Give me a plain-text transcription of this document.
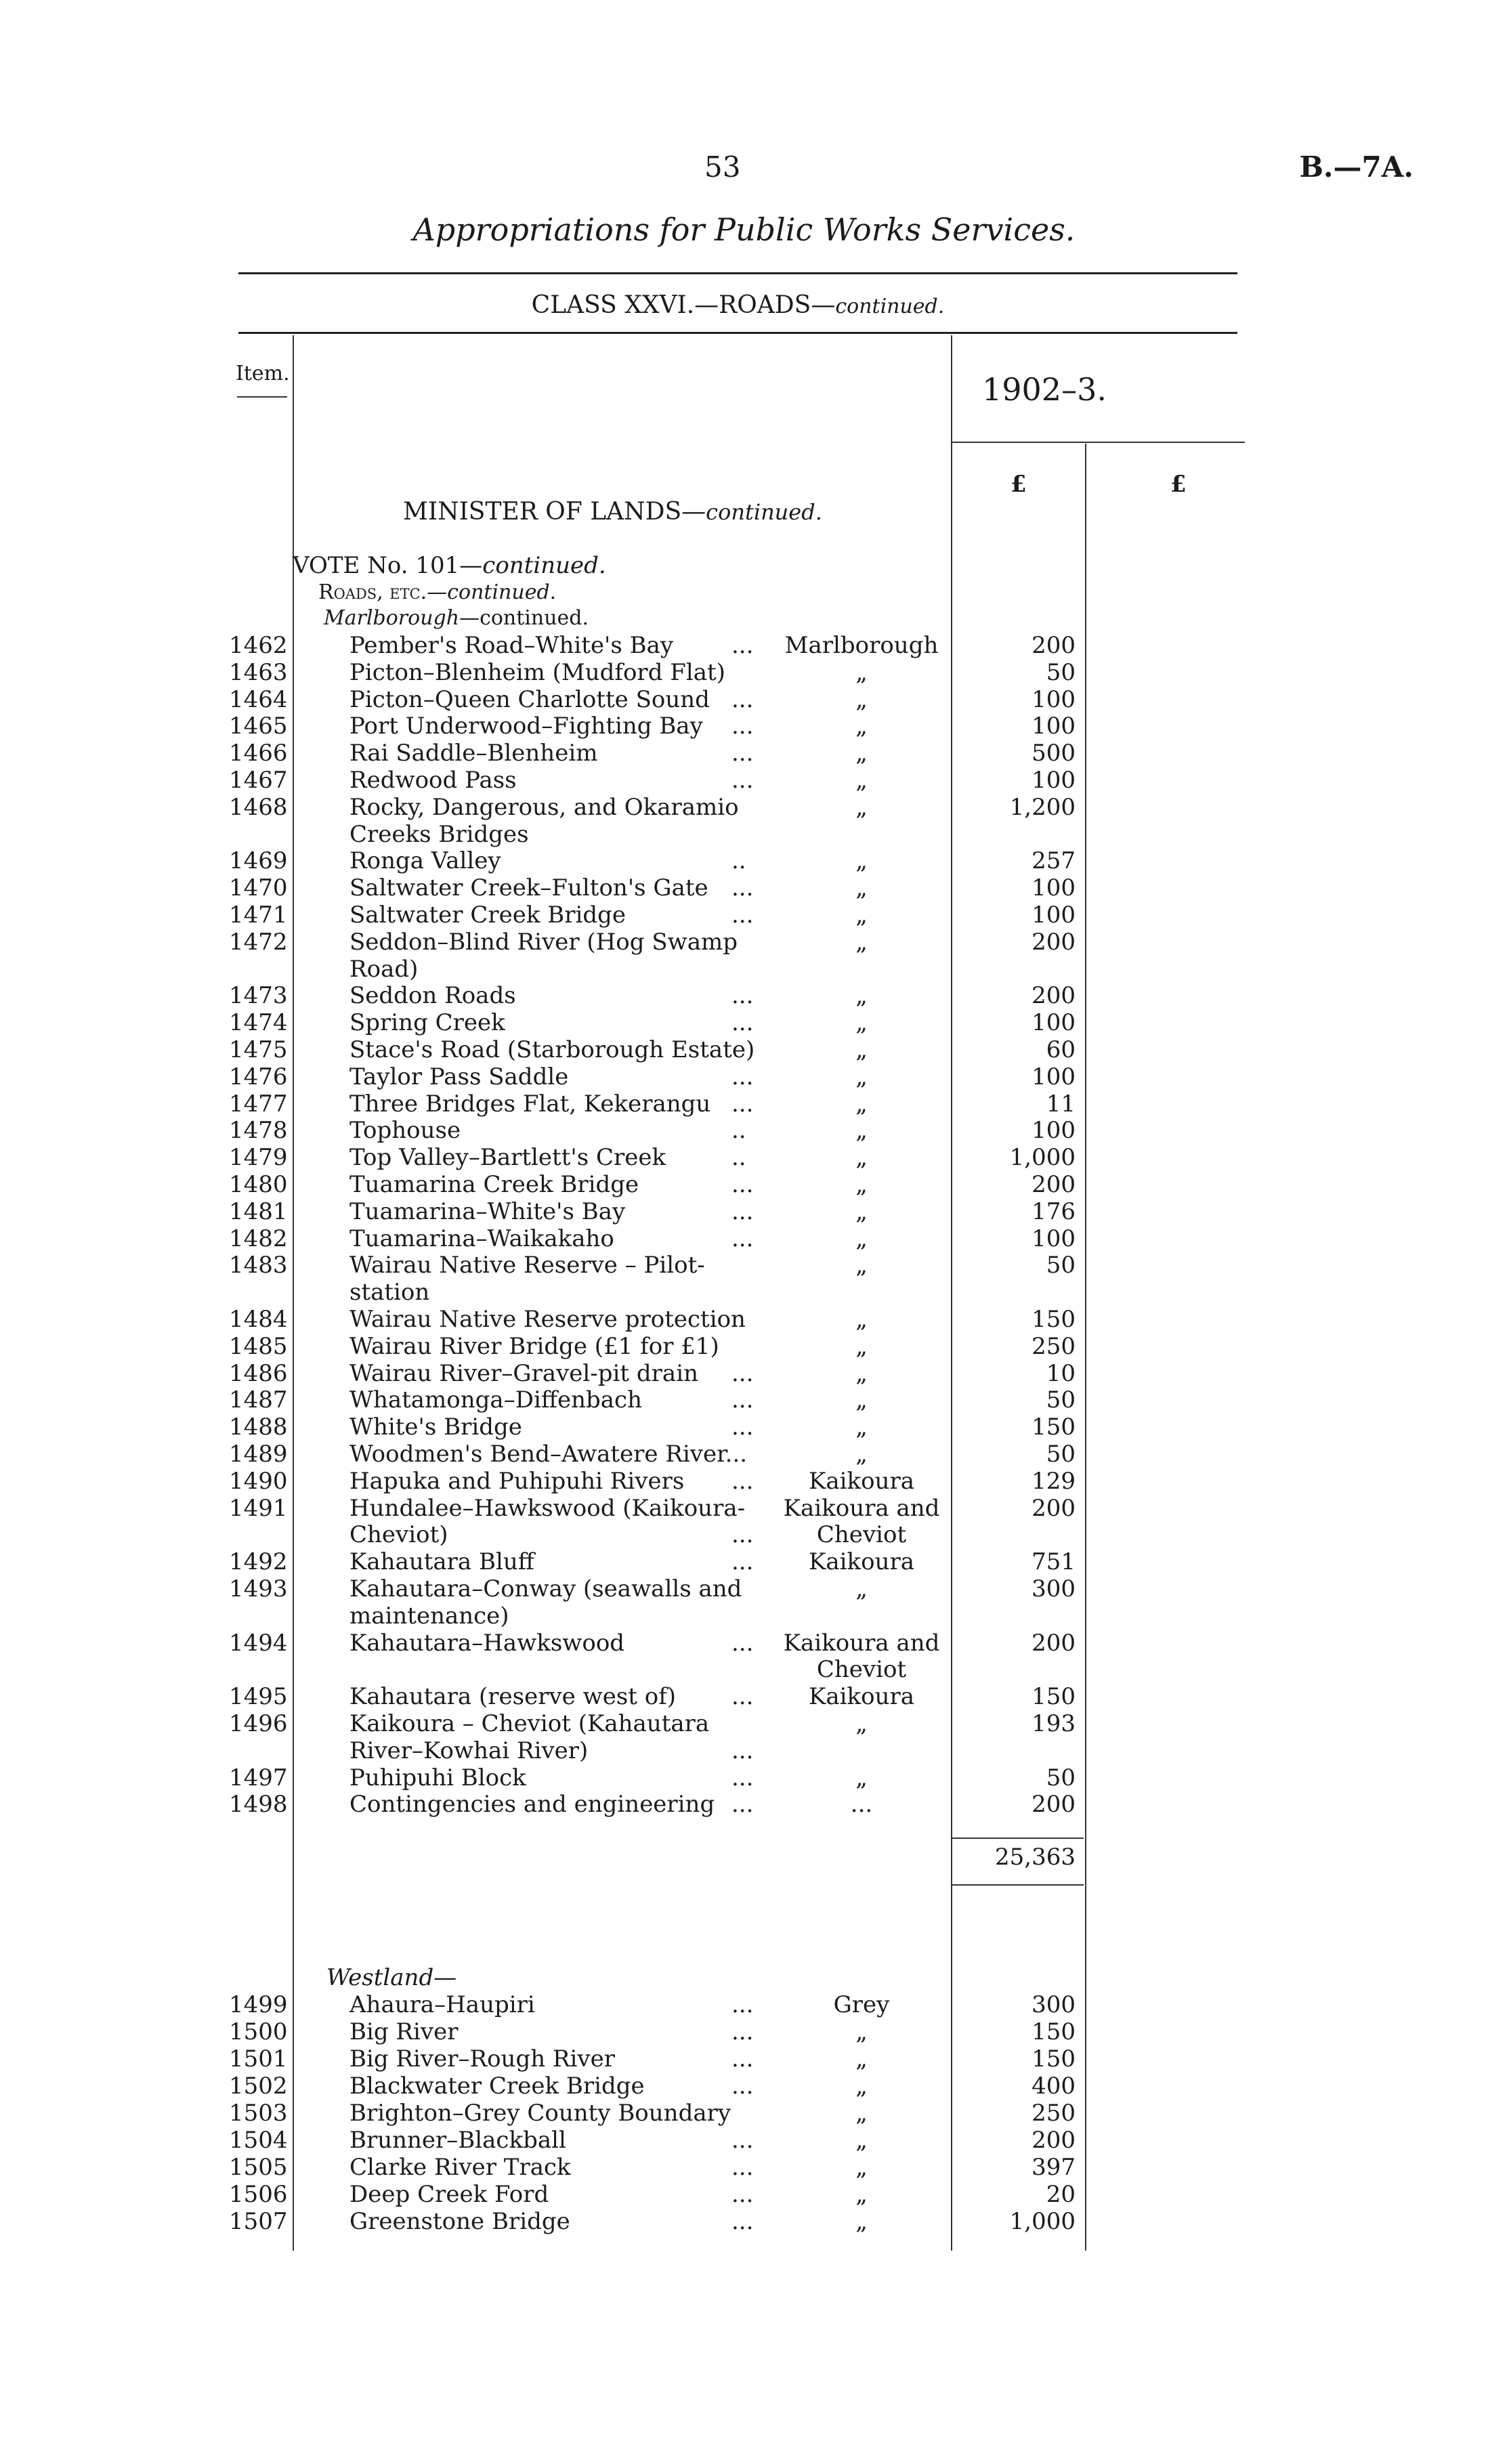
53	B.—7A.
Appropriations for Public Works Services.
CLASS XXVI.—ROADS—continued.
Item.	1902–3.
£	£
MINISTER OF LANDS—continued.
VOTE No. 101—continued.
Roads, etc.—continued.
Marlborough—continued.
1462	Pember's Road–White's Bay	...	Marlborough	200
1463	Picton–Blenheim (Mudford Flat)	„	50
1464	Picton–Queen Charlotte Sound ...	„	100
1465	Port Underwood–Fighting Bay ...	„	100
1466	Rai Saddle–Blenheim	...	„	500
1467	Redwood Pass	...	„	100
1468	Rocky, Dangerous, and Okaramio	„	1,200
Creeks Bridges
1469	Ronga Valley	..	„	257
1470	Saltwater Creek–Fulton's Gate ...	„	100
1471	Saltwater Creek Bridge	...	„	100
1472	Seddon–Blind River (Hog Swamp	„	200
Road)
1473	Seddon Roads	...	„	200
1474	Spring Creek	...	„	100
1475	Stace's Road (Starborough Estate)	„	60
1476	Taylor Pass Saddle	...	„	100
1477	Three Bridges Flat, Kekerangu ...	„	11
1478	Tophouse	..	„	100
1479	Top Valley–Bartlett's Creek	..	„	1,000
1480	Tuamarina Creek Bridge	...	„	200
1481	Tuamarina–White's Bay	...	„	176
1482	Tuamarina–Waikakaho	...	„	100
1483	Wairau Native Reserve – Pilot-	„	50
station
1484	Wairau Native Reserve protection	„	150
1485	Wairau River Bridge (£1 for £1)	„	250
1486	Wairau River–Gravel-pit drain ...	„	10
1487	Whatamonga–Diffenbach	...	„	50
1488	White's Bridge	...	„	150
1489	Woodmen's Bend–Awatere River...	„	50
1490	Hapuka and Puhipuhi Rivers ...	Kaikoura	129
1491	Hundalee–Hawkswood (Kaikoura-	Kaikoura and	200
Cheviot)	...	Cheviot
1492	Kahautara Bluff	...	Kaikoura	751
1493	Kahautara–Conway (seawalls and	„	300
maintenance)
1494	Kahautara–Hawkswood	...	Kaikoura and	200
Cheviot
1495	Kahautara (reserve west of) ...	Kaikoura	150
1496	Kaikoura – Cheviot (Kahautara	„	193
River–Kowhai River)	...
1497	Puhipuhi Block	...	„	50
1498	Contingencies and engineering ...	...	200
25,363
Westland—
1499	Ahaura–Haupiri	...	Grey	300
1500	Big River	...	„	150
1501	Big River–Rough River	...	„	150
1502	Blackwater Creek Bridge	...	„	400
1503	Brighton–Grey County Boundary	„	250
1504	Brunner–Blackball	...	„	200
1505	Clarke River Track	...	„	397
1506	Deep Creek Ford	...	„	20
1507	Greenstone Bridge	...	„	1,000
